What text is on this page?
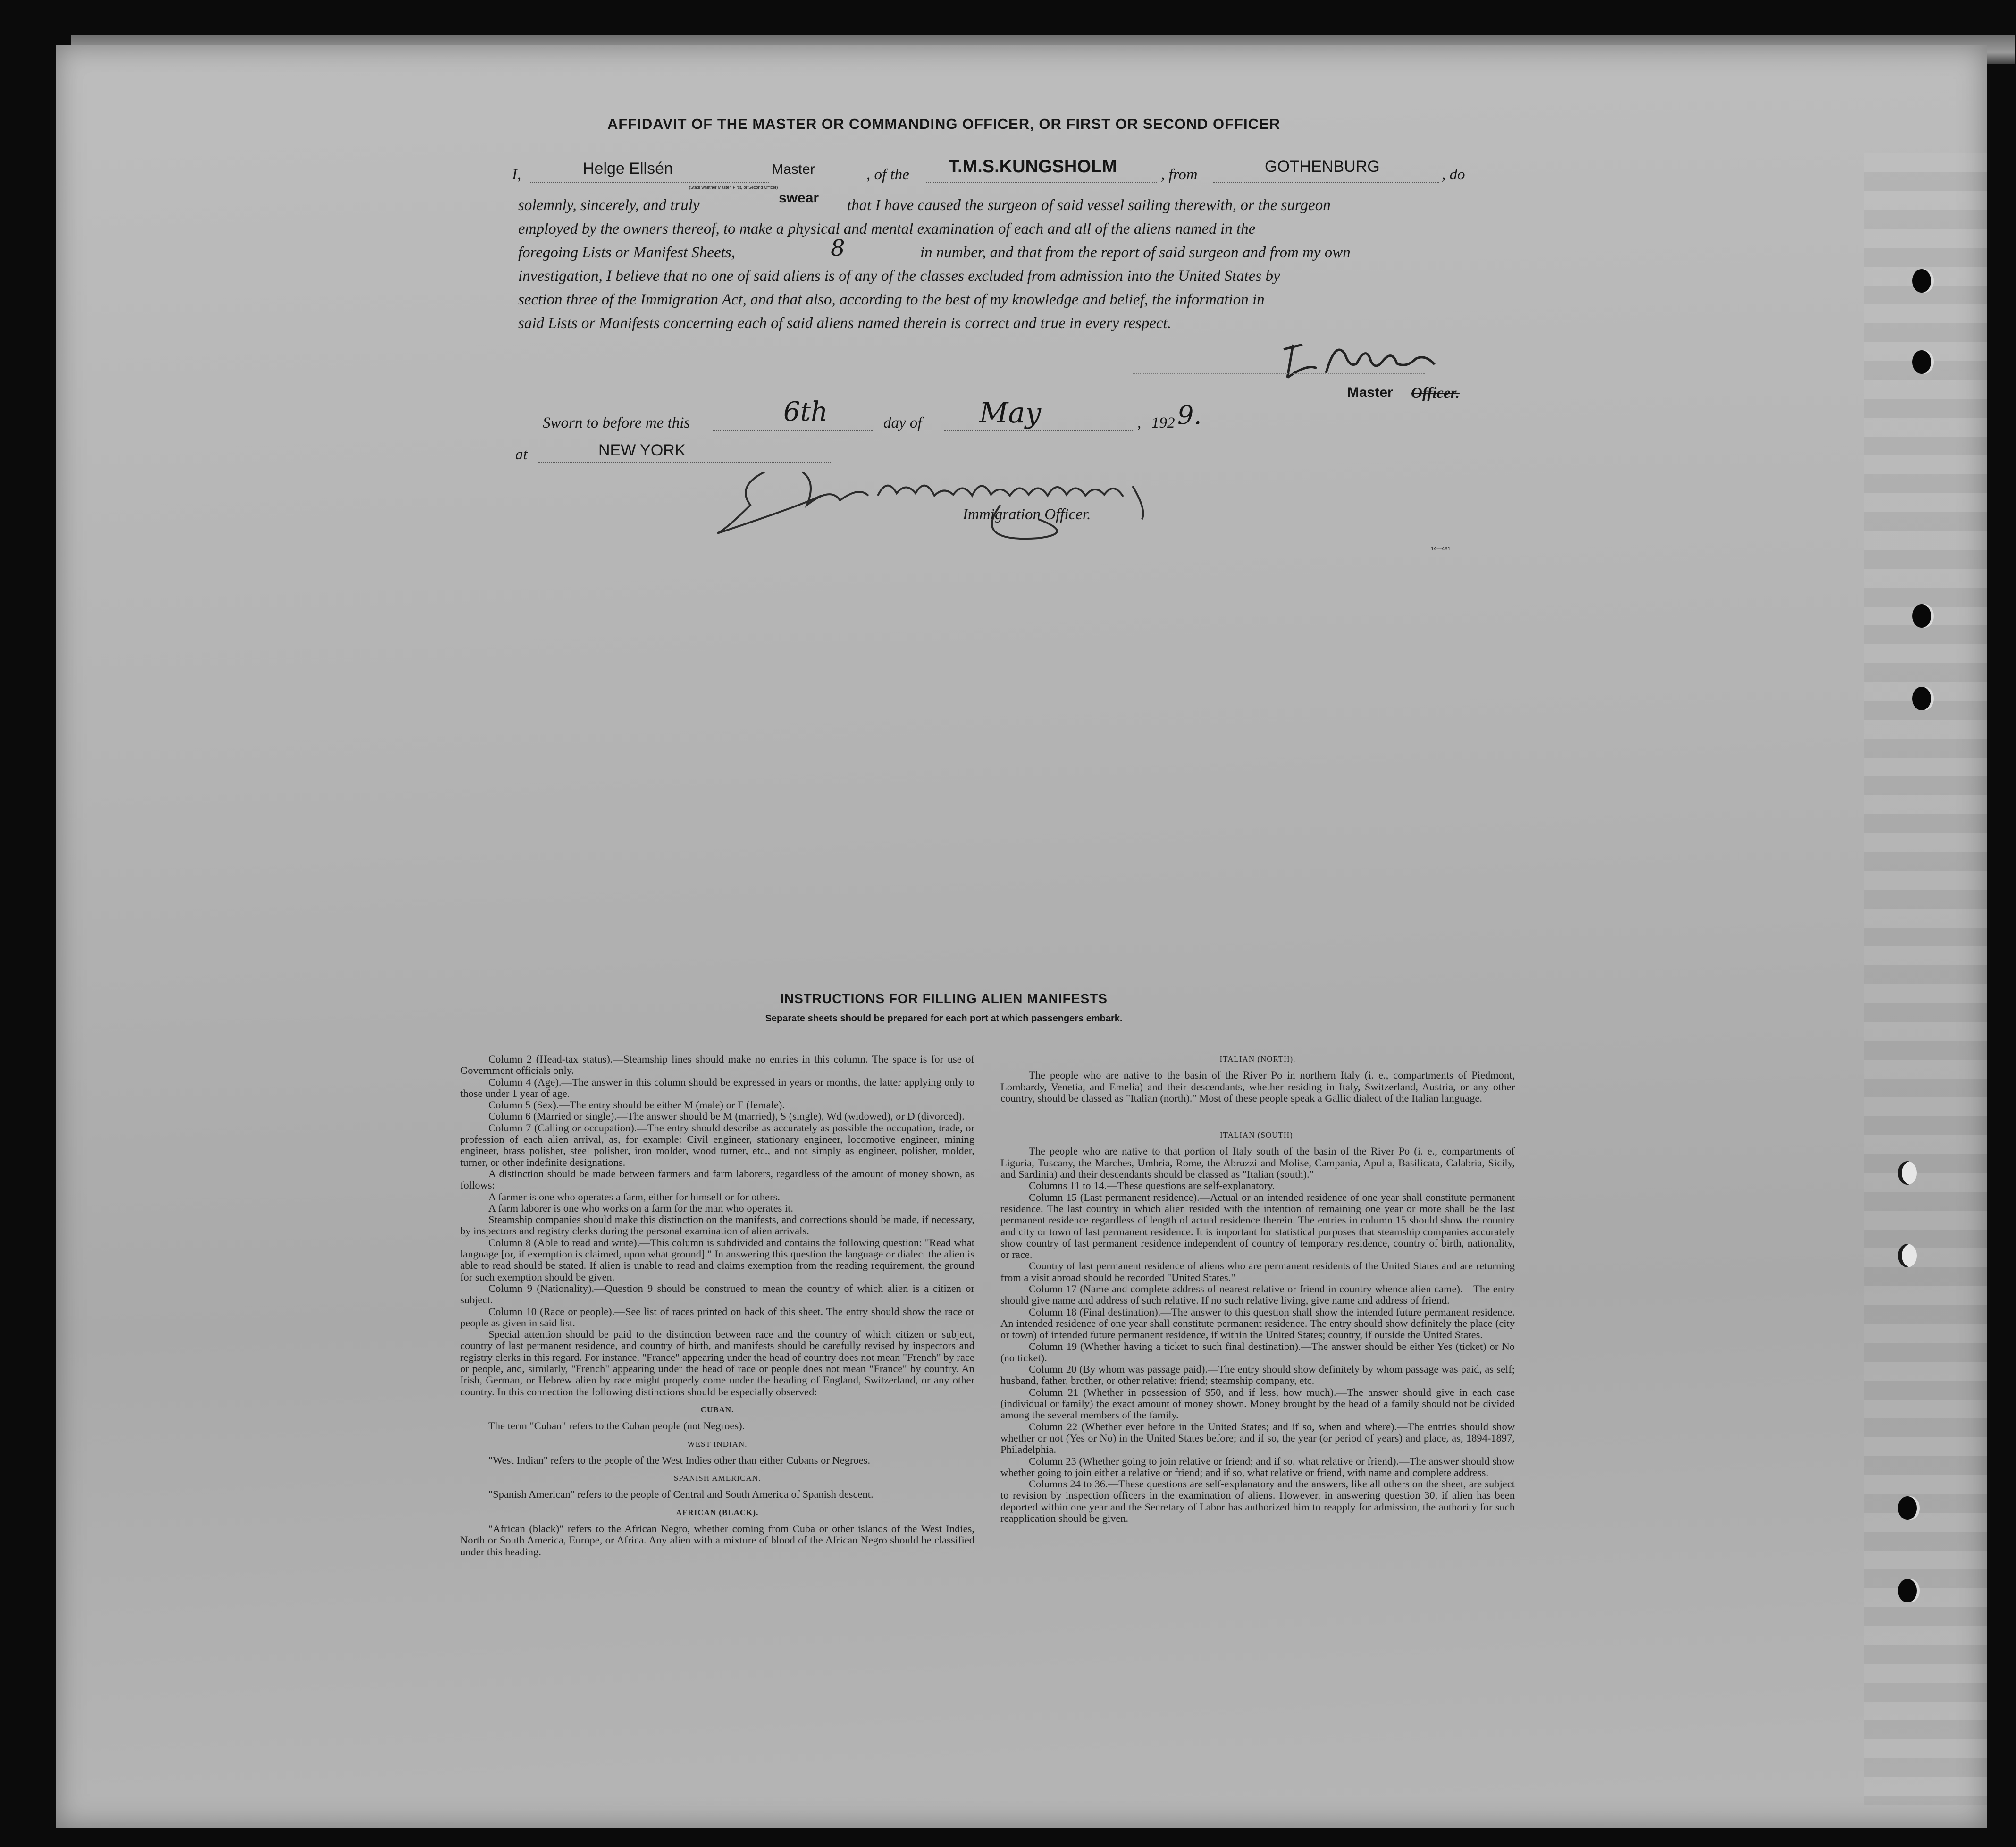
AFFIDAVIT OF THE MASTER OR COMMANDING OFFICER, OR FIRST OR SECOND OFFICER
I,	Helge Ellsén	Master
(State whether Master, First, or Second Officer)
, of the T.M.S.KUNGSHOLM	, from	GOTHENBURG	, do
solemnly, sincerely, and truly	swear that I have caused the surgeon of said vessel sailing therewith, or the surgeon
employed by the owners thereof, to make a physical and mental examination of each and all of the aliens named in the
foregoing Lists or Manifest Sheets,	8	in number, and that from the report of said surgeon and from my own
investigation, I believe that no one of said aliens is of any of the classes excluded from admission into the United States by
section three of the Immigration Act, and that also, according to the best of my knowledge and belief, the information in
said Lists or Manifests concerning each of said aliens named therein is correct and true in every respect.
Master Officer.
Sworn to before me this	6th	day of May	, 192 9.
at	NEW YORK
Immigration Officer.
14—481
INSTRUCTIONS FOR FILLING ALIEN MANIFESTS
Separate sheets should be prepared for each port at which passengers embark.

Column 2 (Head-tax status).—Steamship lines should make no entries in this column. The space is for use of Government officials only.

Column 4 (Age).—The answer in this column should be expressed in years or months, the latter applying only to those under 1 year of age.

Column 5 (Sex).—The entry should be either M (male) or F (female).

Column 6 (Married or single).—The answer should be M (married), S (single), Wd (widowed), or D (divorced).

Column 7 (Calling or occupation).—The entry should describe as accurately as possible the occupation, trade, or profession of each alien arrival, as, for example: Civil engineer, stationary engineer, locomotive engineer, mining engineer, brass polisher, steel polisher, iron molder, wood turner, etc., and not simply as engineer, polisher, molder, turner, or other indefinite designations.

A distinction should be made between farmers and farm laborers, regardless of the amount of money shown, as follows:

A farmer is one who operates a farm, either for himself or for others.

A farm laborer is one who works on a farm for the man who operates it.

Steamship companies should make this distinction on the manifests, and corrections should be made, if necessary, by inspectors and registry clerks during the personal examination of alien arrivals.

Column 8 (Able to read and write).—This column is subdivided and contains the following question: "Read what language [or, if exemption is claimed, upon what ground]." In answering this question the language or dialect the alien is able to read should be stated. If alien is unable to read and claims exemption from the reading requirement, the ground for such exemption should be given.

Column 9 (Nationality).—Question 9 should be construed to mean the country of which alien is a citizen or subject.

Column 10 (Race or people).—See list of races printed on back of this sheet. The entry should show the race or people as given in said list.

Special attention should be paid to the distinction between race and the country of which citizen or subject, country of last permanent residence, and country of birth, and manifests should be carefully revised by inspectors and registry clerks in this regard. For instance, "France" appearing under the head of country does not mean "French" by race or people, and, similarly, "French" appearing under the head of race or people does not mean "France" by country. An Irish, German, or Hebrew alien by race might properly come under the heading of England, Switzerland, or any other country. In this connection the following distinctions should be especially observed:

CUBAN.

The term "Cuban" refers to the Cuban people (not Negroes).

WEST INDIAN.

"West Indian" refers to the people of the West Indies other than either Cubans or Negroes.

SPANISH AMERICAN.

"Spanish American" refers to the people of Central and South America of Spanish descent.

AFRICAN (BLACK).

"African (black)" refers to the African Negro, whether coming from Cuba or other islands of the West Indies, North or South America, Europe, or Africa. Any alien with a mixture of blood of the African Negro should be classified under this heading.

ITALIAN (NORTH).

The people who are native to the basin of the River Po in northern Italy (i. e., compartments of Piedmont, Lombardy, Venetia, and Emelia) and their descendants, whether residing in Italy, Switzerland, Austria, or any other country, should be classed as "Italian (north)." Most of these people speak a Gallic dialect of the Italian language.

ITALIAN (SOUTH).

The people who are native to that portion of Italy south of the basin of the River Po (i. e., compartments of Liguria, Tuscany, the Marches, Umbria, Rome, the Abruzzi and Molise, Campania, Apulia, Basilicata, Calabria, Sicily, and Sardinia) and their descendants should be classed as "Italian (south)."

Columns 11 to 14.—These questions are self-explanatory.

Column 15 (Last permanent residence).—Actual or an intended residence of one year shall constitute permanent residence. The last country in which alien resided with the intention of remaining one year or more shall be the last permanent residence regardless of length of actual residence therein. The entries in column 15 should show the country and city or town of last permanent residence. It is important for statistical purposes that steamship companies accurately show country of last permanent residence independent of country of temporary residence, country of birth, nationality, or race.

Country of last permanent residence of aliens who are permanent residents of the United States and are returning from a visit abroad should be recorded "United States."

Column 17 (Name and complete address of nearest relative or friend in country whence alien came).—The entry should give name and address of such relative. If no such relative living, give name and address of friend.

Column 18 (Final destination).—The answer to this question shall show the intended future permanent residence. An intended residence of one year shall constitute permanent residence. The entry should show definitely the place (city or town) of intended future permanent residence, if within the United States; country, if outside the United States.

Column 19 (Whether having a ticket to such final destination).—The answer should be either Yes (ticket) or No (no ticket).

Column 20 (By whom was passage paid).—The entry should show definitely by whom passage was paid, as self; husband, father, brother, or other relative; friend; steamship company, etc.

Column 21 (Whether in possession of $50, and if less, how much).—The answer should give in each case (individual or family) the exact amount of money shown. Money brought by the head of a family should not be divided among the several members of the family.

Column 22 (Whether ever before in the United States; and if so, when and where).—The entries should show whether or not (Yes or No) in the United States before; and if so, the year (or period of years) and place, as, 1894-1897, Philadelphia.

Column 23 (Whether going to join relative or friend; and if so, what relative or friend).—The answer should show whether going to join either a relative or friend; and if so, what relative or friend, with name and complete address.

Columns 24 to 36.—These questions are self-explanatory and the answers, like all others on the sheet, are subject to revision by inspection officers in the examination of aliens. However, in answering question 30, if alien has been deported within one year and the Secretary of Labor has authorized him to reapply for admission, the authority for such reapplication should be given.
